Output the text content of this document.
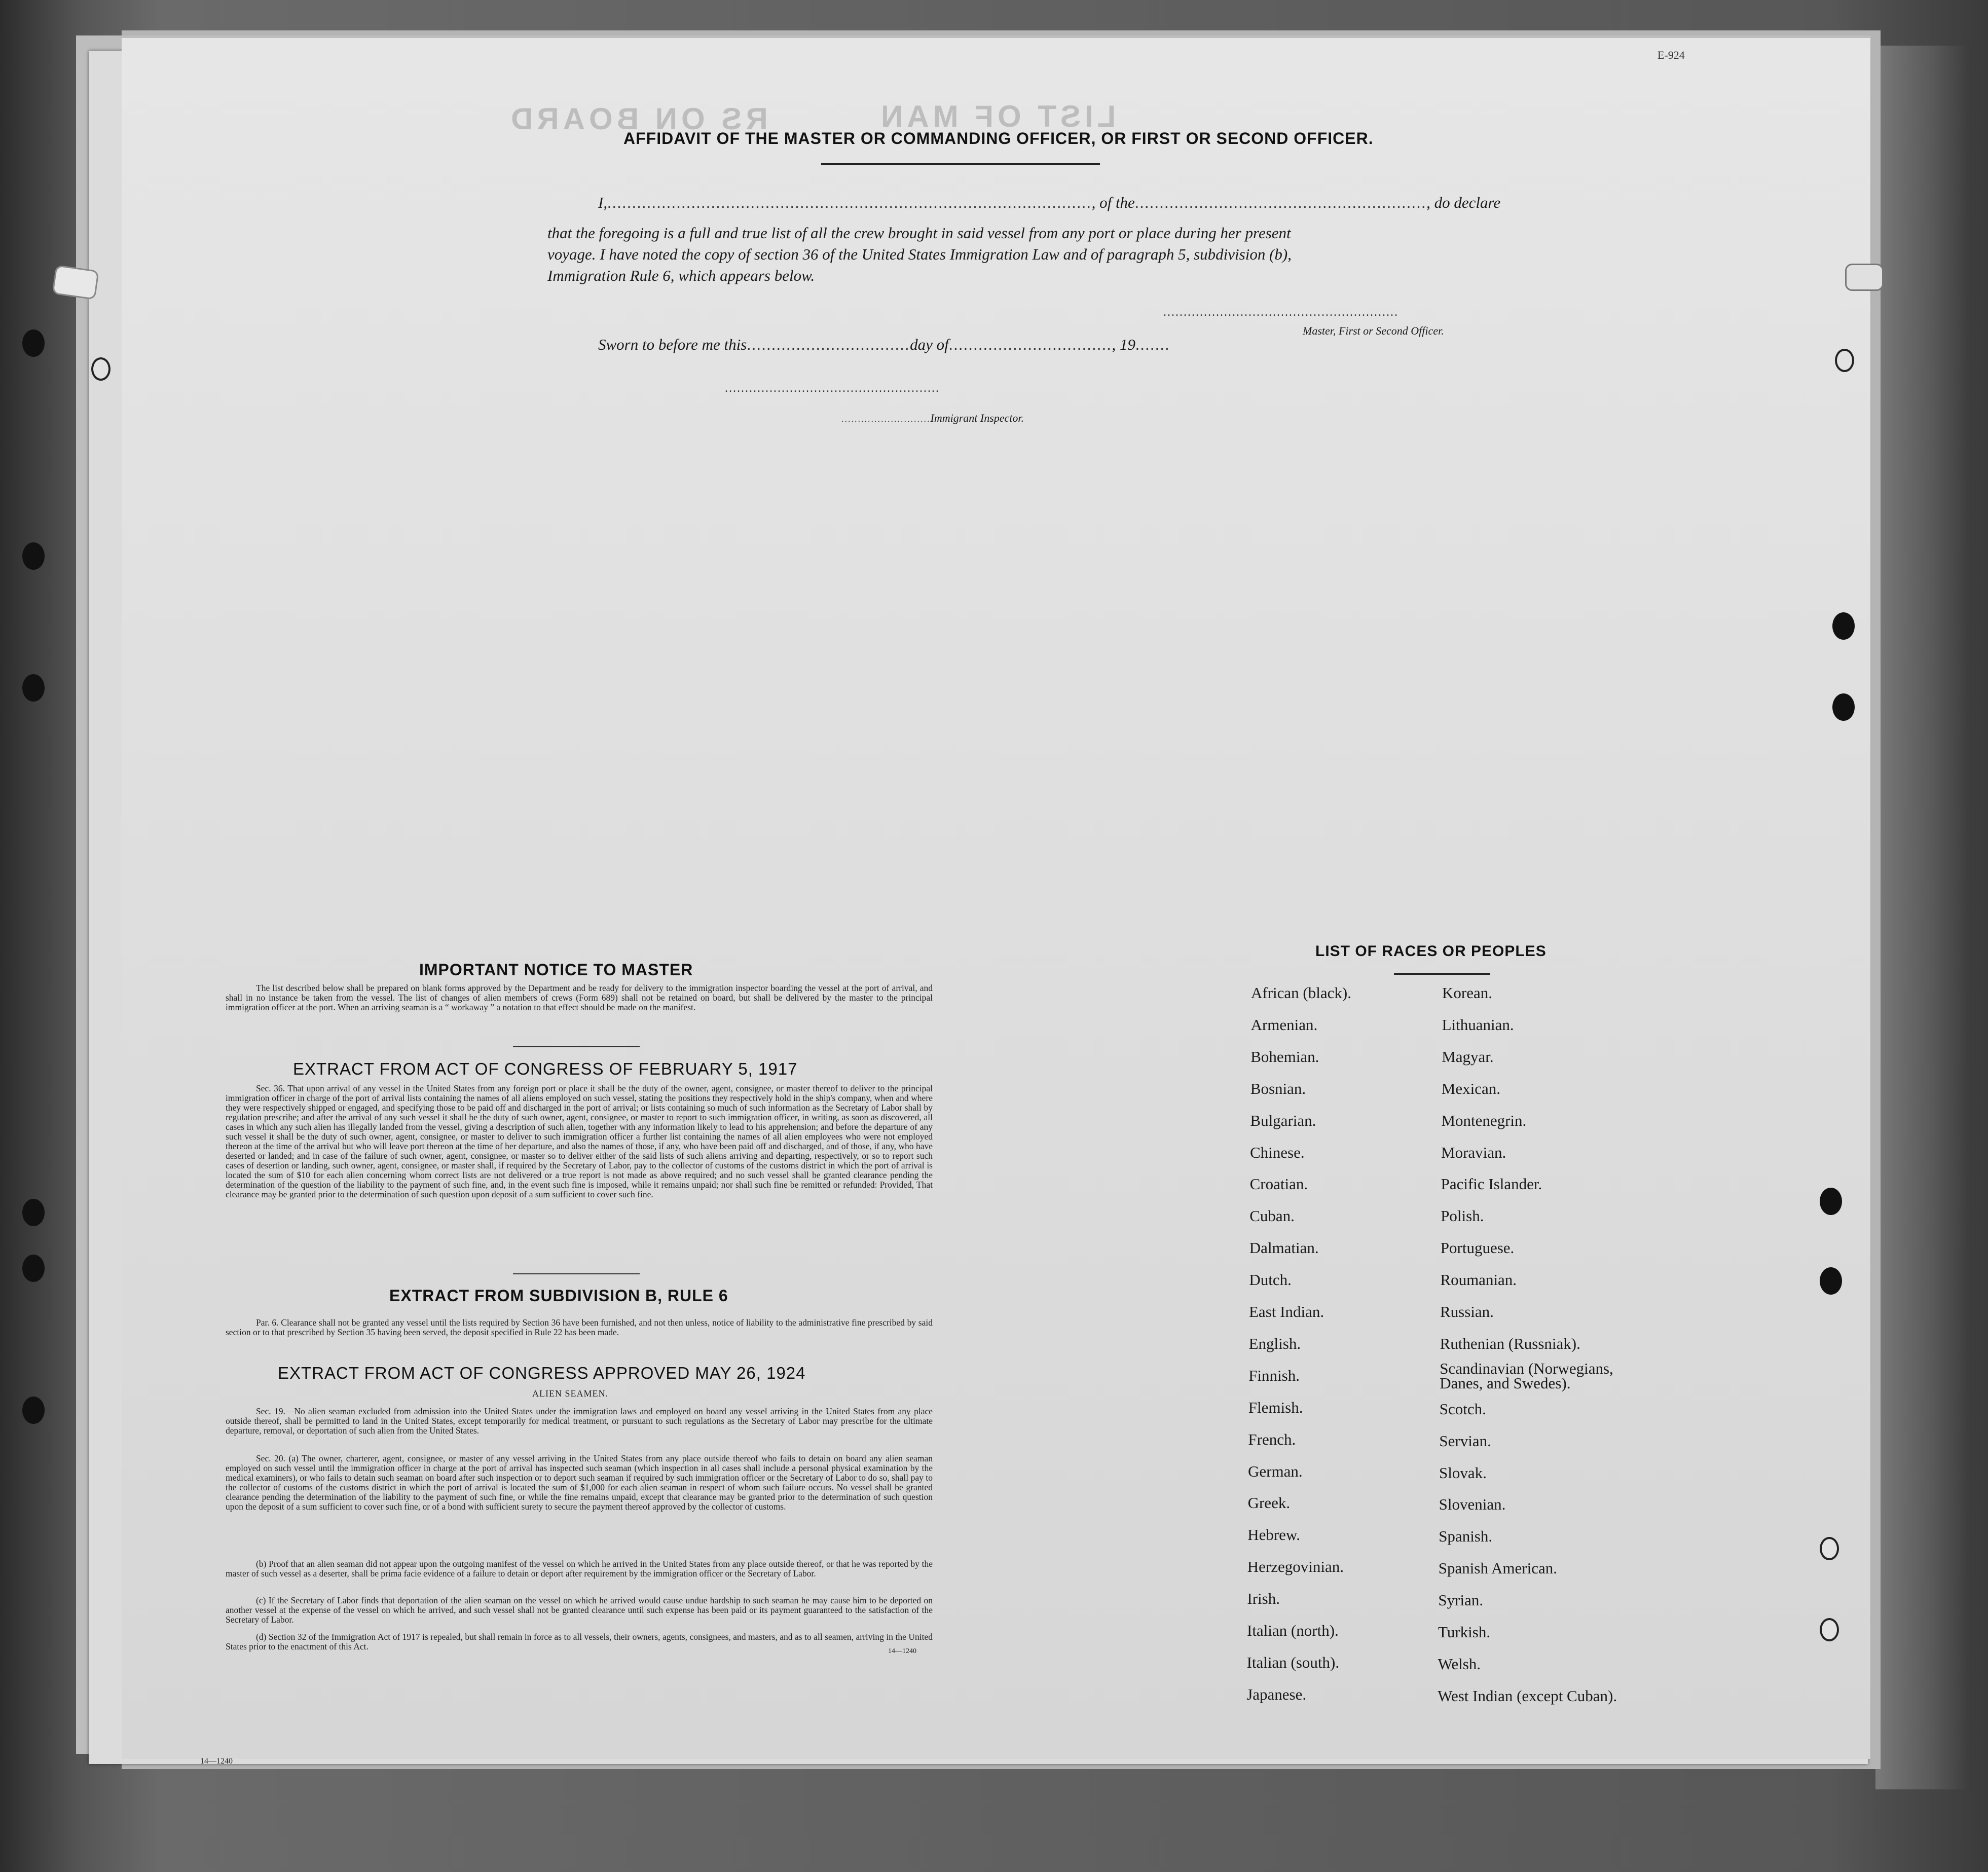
E-924
LIST OF MAN
RS ON BOARD
AFFIDAVIT OF THE MASTER OR COMMANDING OFFICER, OR FIRST OR SECOND OFFICER.
I,.................................................................................................., of the..........................................................., do declare
that the foregoing is a full and true list of all the crew brought in said vessel from any port or place during her present
voyage. I have noted the copy of section 36 of the United States Immigration Law and of paragraph 5, subdivision (b),
Immigration Rule 6, which appears below.
..........................................................
Master, First or Second Officer.
Sworn to before me this.................................day of................................., 19.......
.....................................................
...........................Immigrant Inspector.
IMPORTANT NOTICE TO MASTER
The list described below shall be prepared on blank forms approved by the Department and be ready for delivery to the immigration inspector boarding the vessel at the port of arrival, and shall in no instance be taken from the vessel. The list of changes of alien members of crews (Form 689) shall not be retained on board, but shall be delivered by the master to the principal immigration officer at the port. When an arriving seaman is a “ workaway ” a notation to that effect should be made on the manifest.
EXTRACT FROM ACT OF CONGRESS OF FEBRUARY 5, 1917
Sec. 36. That upon arrival of any vessel in the United States from any foreign port or place it shall be the duty of the owner, agent, consignee, or master thereof to deliver to the principal immigration officer in charge of the port of arrival lists containing the names of all aliens employed on such vessel, stating the positions they respectively hold in the ship's company, when and where they were respectively shipped or engaged, and specifying those to be paid off and discharged in the port of arrival; or lists containing so much of such information as the Secretary of Labor shall by regulation prescribe; and after the arrival of any such vessel it shall be the duty of such owner, agent, consignee, or master to report to such immigration officer, in writing, as soon as discovered, all cases in which any such alien has illegally landed from the vessel, giving a description of such alien, together with any information likely to lead to his apprehension; and before the departure of any such vessel it shall be the duty of such owner, agent, consignee, or master to deliver to such immigration officer a further list containing the names of all alien employees who were not employed thereon at the time of the arrival but who will leave port thereon at the time of her departure, and also the names of those, if any, who have been paid off and discharged, and of those, if any, who have deserted or landed; and in case of the failure of such owner, agent, consignee, or master so to deliver either of the said lists of such aliens arriving and departing, respectively, or so to report such cases of desertion or landing, such owner, agent, consignee, or master shall, if required by the Secretary of Labor, pay to the collector of customs of the customs district in which the port of arrival is located the sum of $10 for each alien concerning whom correct lists are not delivered or a true report is not made as above required; and no such vessel shall be granted clearance pending the determination of the question of the liability to the payment of such fine, and, in the event such fine is imposed, while it remains unpaid; nor shall such fine be remitted or refunded: Provided, That clearance may be granted prior to the determination of such question upon deposit of a sum sufficient to cover such fine.
EXTRACT FROM SUBDIVISION B, RULE 6
Par. 6. Clearance shall not be granted any vessel until the lists required by Section 36 have been furnished, and not then unless, notice of liability to the administrative fine prescribed by said section or to that prescribed by Section 35 having been served, the deposit specified in Rule 22 has been made.
EXTRACT FROM ACT OF CONGRESS APPROVED MAY 26, 1924
ALIEN SEAMEN.
Sec. 19.—No alien seaman excluded from admission into the United States under the immigration laws and employed on board any vessel arriving in the United States from any place outside thereof, shall be permitted to land in the United States, except temporarily for medical treatment, or pursuant to such regulations as the Secretary of Labor may prescribe for the ultimate departure, removal, or deportation of such alien from the United States.
Sec. 20. (a) The owner, charterer, agent, consignee, or master of any vessel arriving in the United States from any place outside thereof who fails to detain on board any alien seaman employed on such vessel until the immigration officer in charge at the port of arrival has inspected such seaman (which inspection in all cases shall include a personal physical examination by the medical examiners), or who fails to detain such seaman on board after such inspection or to deport such seaman if required by such immigration officer or the Secretary of Labor to do so, shall pay to the collector of customs of the customs district in which the port of arrival is located the sum of $1,000 for each alien seaman in respect of whom such failure occurs. No vessel shall be granted clearance pending the determination of the liability to the payment of such fine, or while the fine remains unpaid, except that clearance may be granted prior to the determination of such question upon the deposit of a sum sufficient to cover such fine, or of a bond with sufficient surety to secure the payment thereof approved by the collector of customs.
(b) Proof that an alien seaman did not appear upon the outgoing manifest of the vessel on which he arrived in the United States from any place outside thereof, or that he was reported by the master of such vessel as a deserter, shall be prima facie evidence of a failure to detain or deport after requirement by the immigration officer or the Secretary of Labor.
(c) If the Secretary of Labor finds that deportation of the alien seaman on the vessel on which he arrived would cause undue hardship to such seaman he may cause him to be deported on another vessel at the expense of the vessel on which he arrived, and such vessel shall not be granted clearance until such expense has been paid or its payment guaranteed to the satisfaction of the Secretary of Labor.
(d) Section 32 of the Immigration Act of 1917 is repealed, but shall remain in force as to all vessels, their owners, agents, consignees, and masters, and as to all seamen, arriving in the United States prior to the enactment of this Act.	14—1240
14—1240
LIST OF RACES OR PEOPLES
African (black).
Armenian.
Bohemian.
Bosnian.
Bulgarian.
Chinese.
Croatian.
Cuban.
Dalmatian.
Dutch.
East Indian.
English.
Finnish.
Flemish.
French.
German.
Greek.
Hebrew.
Herzegovinian.
Irish.
Italian (north).
Italian (south).
Japanese.
Korean.
Lithuanian.
Magyar.
Mexican.
Montenegrin.
Moravian.
Pacific Islander.
Polish.
Portuguese.
Roumanian.
Russian.
Ruthenian (Russniak).
Scandinavian (Norwegians, Danes, and Swedes).
Scotch.
Servian.
Slovak.
Slovenian.
Spanish.
Spanish American.
Syrian.
Turkish.
Welsh.
West Indian (except Cuban).
